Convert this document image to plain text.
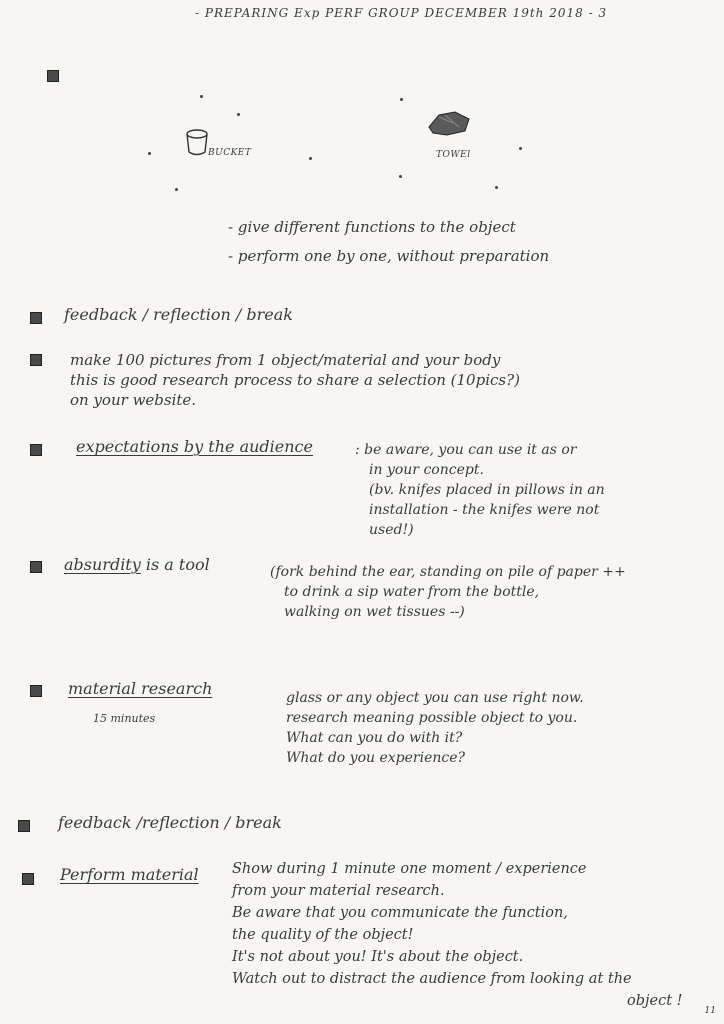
- PREPARING Exp PERF GROUP DECEMBER 19th 2018 - 3
BUCKET	TOWEl
- give different functions to the object
- perform one by one, without preparation
feedback / reflection / break
make 100 pictures from 1 object/material and your body
this is good research process to share a selection (10pics?)
on your website.
expectations by the audience	: be aware, you can use it as or
in your concept.
(bv. knifes placed in pillows in an
installation - the knifes were not
used!)
absurdity is a tool	(fork behind the ear, standing on pile of paper ++
to drink a sip water from the bottle,
walking on wet tissues --)
material research
15 minutes
glass or any object you can use right now.
research meaning possible object to you.
What can you do with it?
What do you experience?
feedback /reflection / break
Perform material Show during 1 minute one moment / experience
from your material research.
Be aware that you communicate the function,
the quality of the object!
It's not about you! It's about the object.
Watch out to distract the audience from looking at the
object !
11
